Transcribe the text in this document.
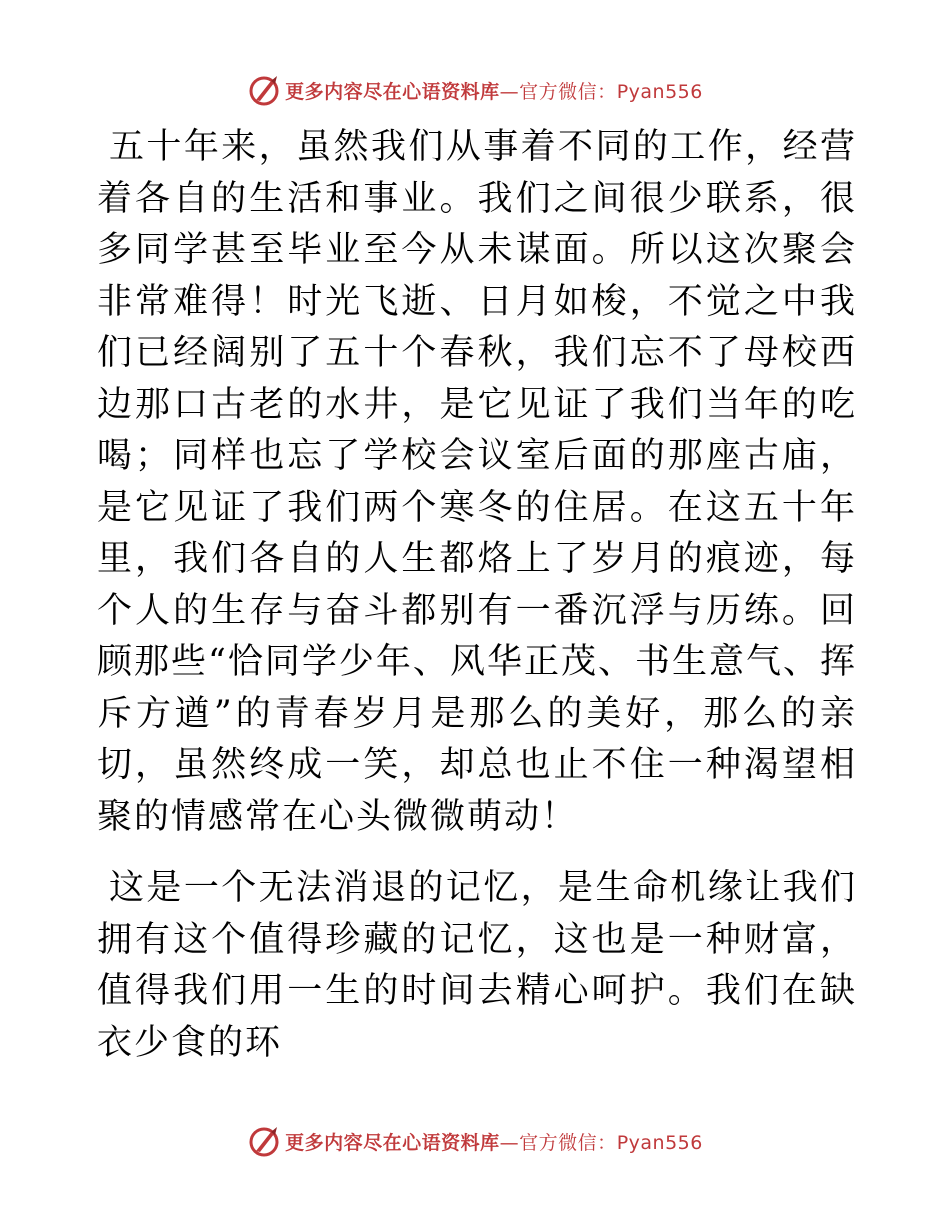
更多内容尽在心语资料库—官方微信：Pyan556

五十年来，虽然我们从事着不同的工作，经营着各自的生活和事业。我们之间很少联系，很多同学甚至毕业至今从未谋面。所以这次聚会非常难得！时光飞逝、日月如梭，不觉之中我们已经阔别了五十个春秋，我们忘不了母校西边那口古老的水井，是它见证了我们当年的吃喝；同样也忘了学校会议室后面的那座古庙，是它见证了我们两个寒冬的住居。在这五十年里，我们各自的人生都烙上了岁月的痕迹，每个人的生存与奋斗都别有一番沉浮与历练。回顾那些“恰同学少年、风华正茂、书生意气、挥斥方遒”的青春岁月是那么的美好，那么的亲切，虽然终成一笑，却总也止不住一种渴望相聚的情感常在心头微微萌动！

这是一个无法消退的记忆，是生命机缘让我们拥有这个值得珍藏的记忆，这也是一种财富，值得我们用一生的时间去精心呵护。我们在缺衣少食的环

更多内容尽在心语资料库—官方微信：Pyan556
